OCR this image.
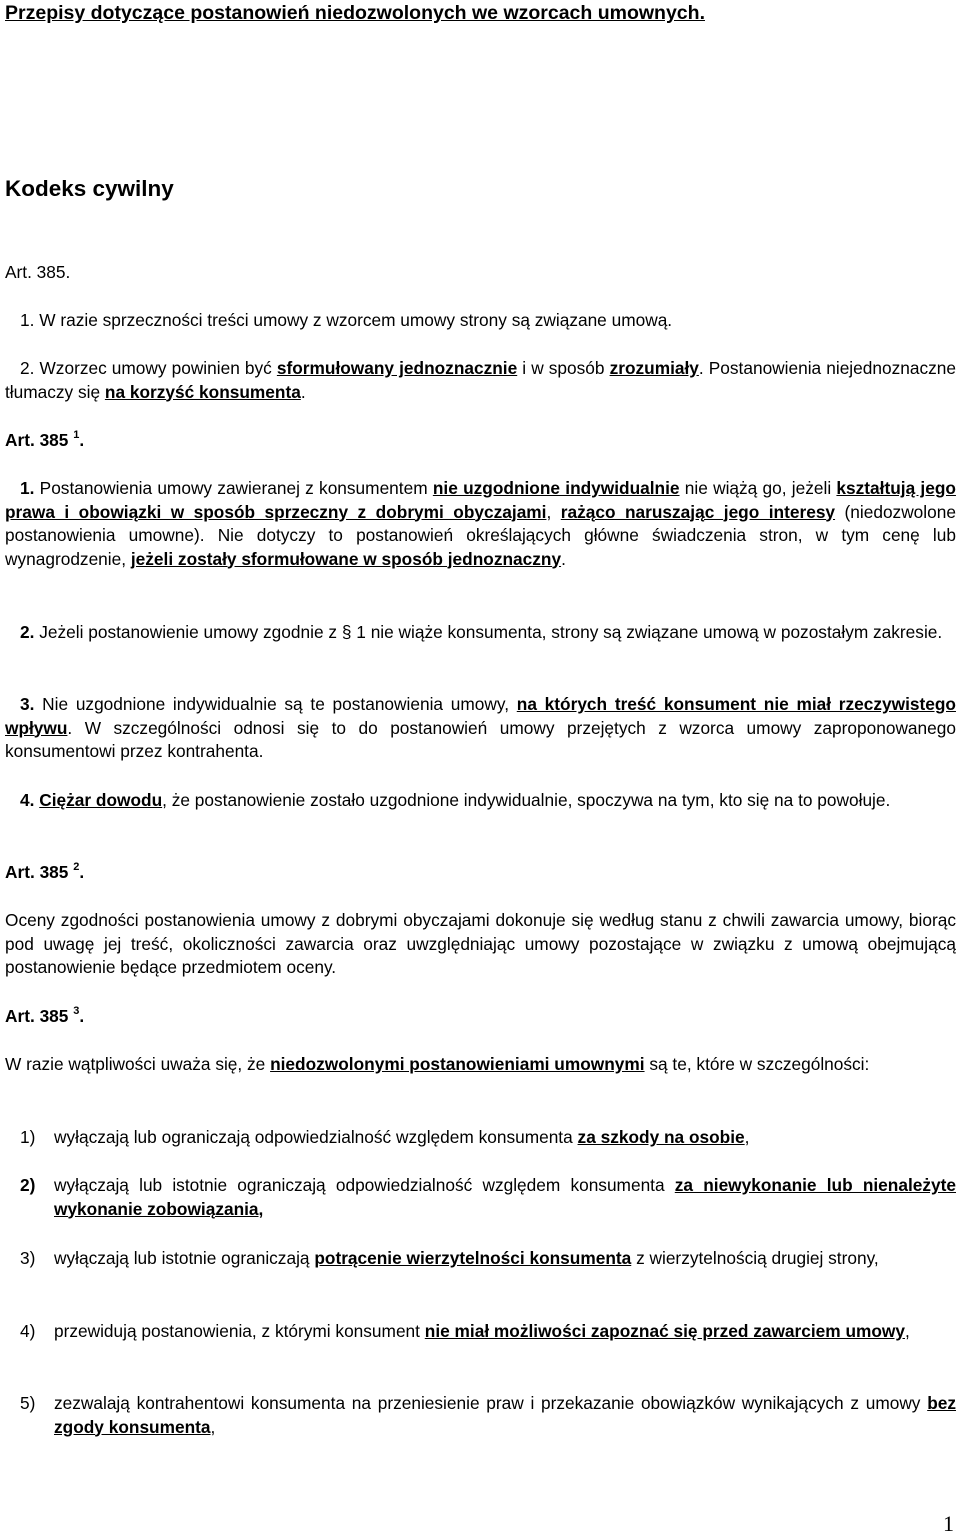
Przepisy dotyczące postanowień niedozwolonych we wzorcach umownych.
Kodeks cywilny
Art. 385.
1. W razie sprzeczności treści umowy z wzorcem umowy strony są związane umową.
2. Wzorzec umowy powinien być sformułowany jednoznacznie i w sposób zrozumiały. Postanowienia niejednoznaczne tłumaczy się na korzyść konsumenta.
Art. 385 $^1$.
1. Postanowienia umowy zawieranej z konsumentem nie uzgodnione indywidualnie nie wiążą go, jeżeli kształtują jego prawa i obowiązki w sposób sprzeczny z dobrymi obyczajami, rażąco naruszając jego interesy (niedozwolone postanowienia umowne). Nie dotyczy to postanowień określających główne świadczenia stron, w tym cenę lub wynagrodzenie, jeżeli zostały sformułowane w sposób jednoznaczny.
2. Jeżeli postanowienie umowy zgodnie z § 1 nie wiąże konsumenta, strony są związane umową w pozostałym zakresie.
3. Nie uzgodnione indywidualnie są te postanowienia umowy, na których treść konsument nie miał rzeczywistego wpływu. W szczególności odnosi się to do postanowień umowy przejętych z wzorca umowy zaproponowanego konsumentowi przez kontrahenta.
4. Ciężar dowodu, że postanowienie zostało uzgodnione indywidualnie, spoczywa na tym, kto się na to powołuje.
Art. 385 $^2$.
Oceny zgodności postanowienia umowy z dobrymi obyczajami dokonuje się według stanu z chwili zawarcia umowy, biorąc pod uwagę jej treść, okoliczności zawarcia oraz uwzględniając umowy pozostające w związku z umową obejmującą postanowienie będące przedmiotem oceny.
Art. 385 $^3$.
W razie wątpliwości uważa się, że niedozwolonymi postanowieniami umownymi są te, które w szczególności:
1) wyłączają lub ograniczają odpowiedzialność względem konsumenta za szkody na osobie,
2) wyłączają lub istotnie ograniczają odpowiedzialność względem konsumenta za niewykonanie lub nienależyte wykonanie zobowiązania,
3) wyłączają lub istotnie ograniczają potrącenie wierzytelności konsumenta z wierzytelnością drugiej strony,
4) przewidują postanowienia, z którymi konsument nie miał możliwości zapoznać się przed zawarciem umowy,
5) zezwalają kontrahentowi konsumenta na przeniesienie praw i przekazanie obowiązków wynikających z umowy bez zgody konsumenta,
1
